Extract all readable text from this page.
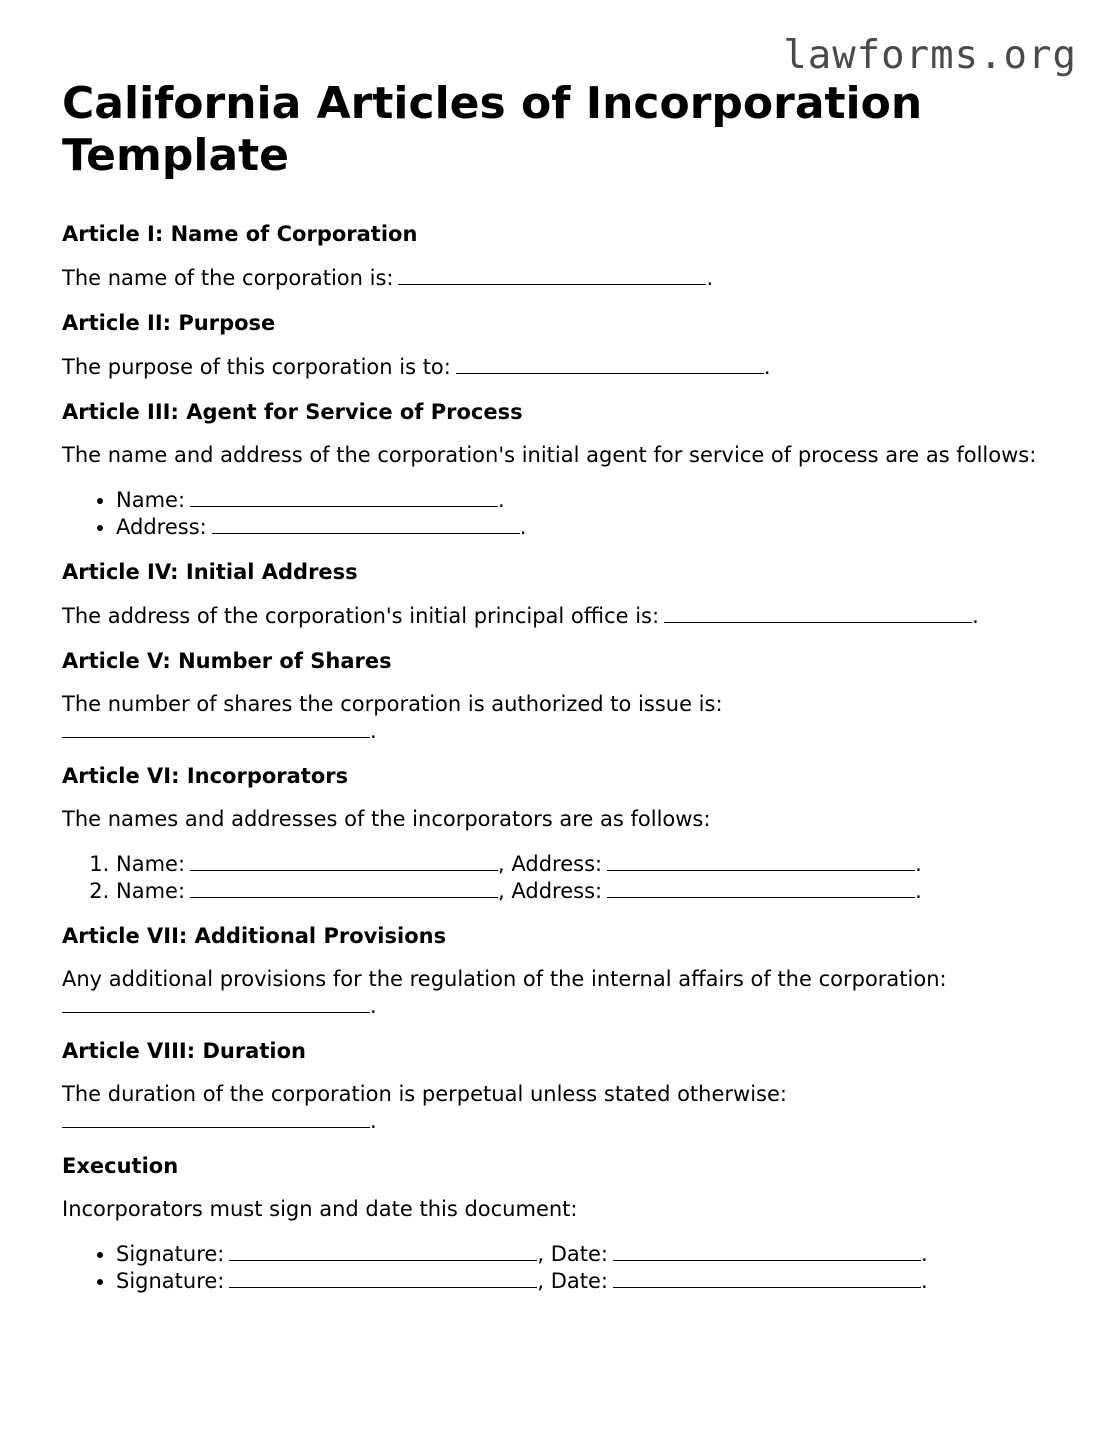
lawforms.org
California Articles of Incorporation Template
Article I: Name of Corporation

The name of the corporation is:	.

Article II: Purpose

The purpose of this corporation is to:	.

Article III: Agent for Service of Process

The name and address of the corporation's initial agent for service of process are as follows:

• Name:	.
• Address:	.
Article IV: Initial Address

The address of the corporation's initial principal office is:	.

Article V: Number of Shares

The number of shares the corporation is authorized to issue is:
.

Article VI: Incorporators

The names and addresses of the incorporators are as follows:

1. Name:	, Address:	.
2. Name:	, Address:	.
Article VII: Additional Provisions

Any additional provisions for the regulation of the internal affairs of the corporation:
.

Article VIII: Duration

The duration of the corporation is perpetual unless stated otherwise:
.

Execution

Incorporators must sign and date this document:

• Signature:	, Date:	.
• Signature:	, Date:	.
